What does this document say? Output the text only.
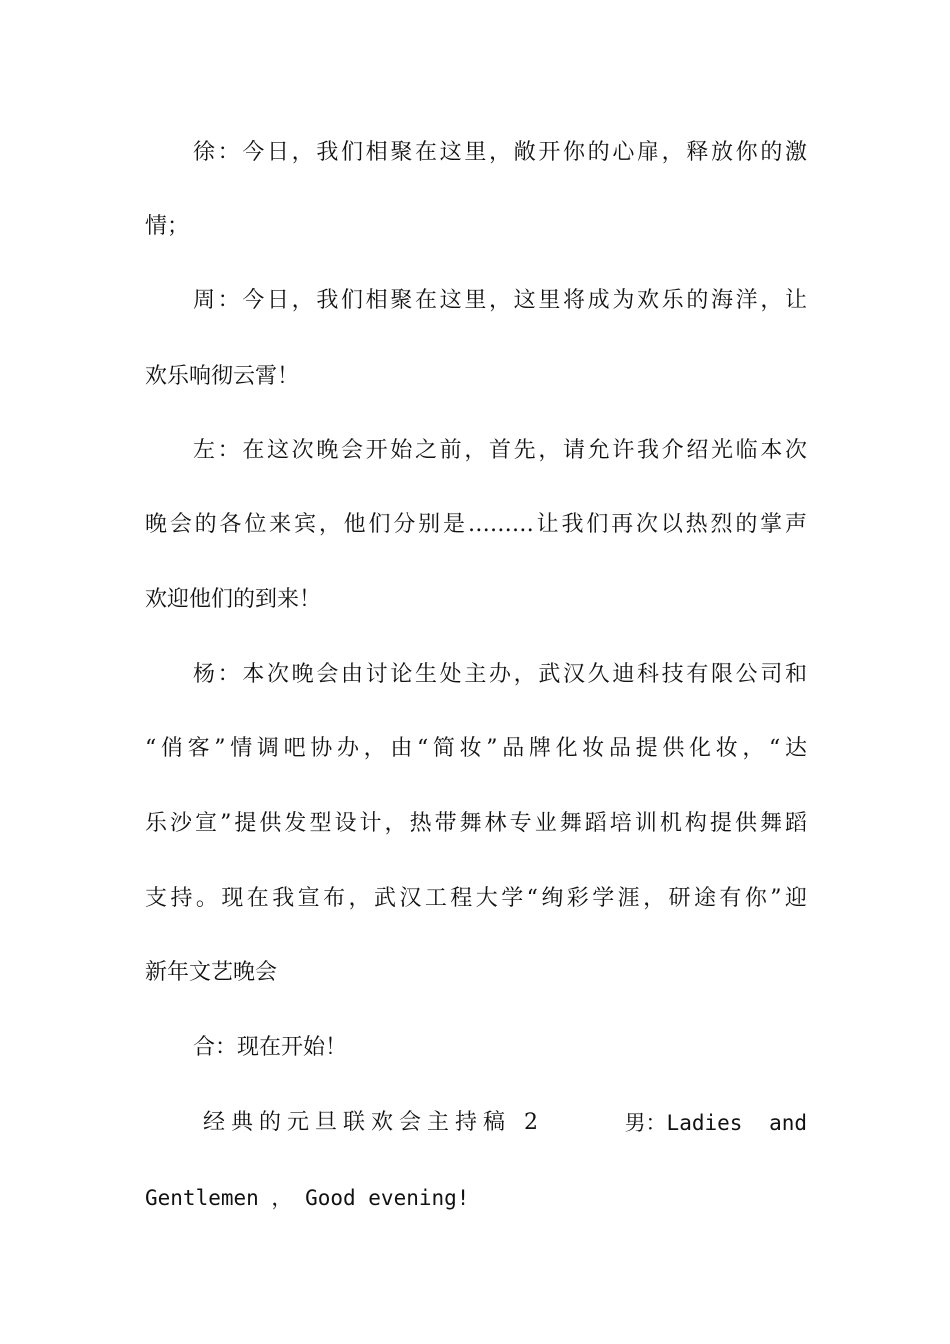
徐：今日，我们相聚在这里，敞开你的心扉，释放你的激

情；

周：今日，我们相聚在这里，这里将成为欢乐的海洋，让

欢乐响彻云霄！

左：在这次晚会开始之前，首先，请允许我介绍光临本次

晚会的各位来宾，他们分别是………让我们再次以热烈的掌声

欢迎他们的到来！

杨：本次晚会由讨论生处主办，武汉久迪科技有限公司和

“俏客”情调吧协办，由“简妆”品牌化妆品提供化妆，“达

乐沙宣”提供发型设计，热带舞林专业舞蹈培训机构提供舞蹈

支持。现在我宣布，武汉工程大学“绚彩学涯，研途有你”迎

新年文艺晚会

合：现在开始！

经典的元旦联欢会主持稿 2	男：Ladies and

Gentlemen ， Good evening!
